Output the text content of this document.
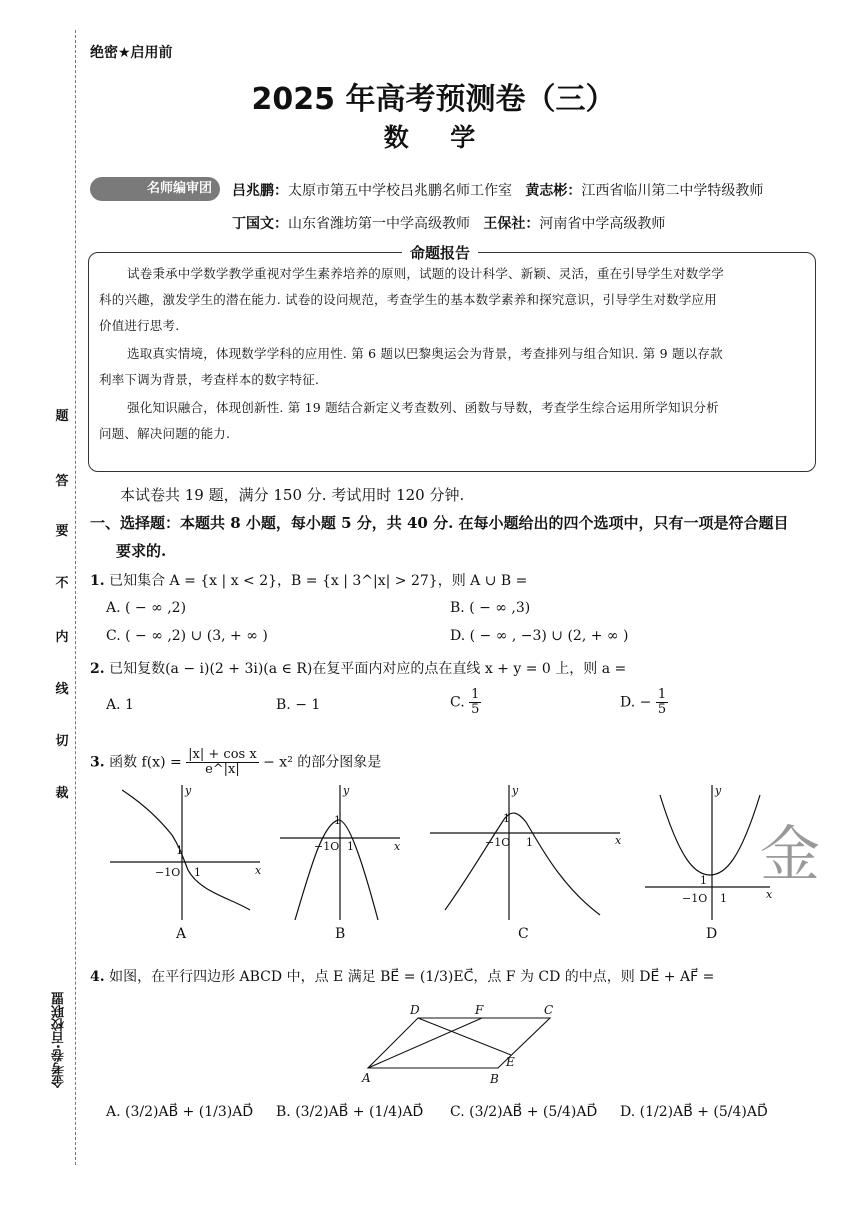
题
答
要
不
内
线
切
裁
金考卷·百校联盟
绝密★启用前
2025 年高考预测卷（三）
数  学
名师编审团	吕兆鹏：太原市第五中学校吕兆鹏名师工作室 黄志彬：江西省临川第二中学特级教师
丁国文：山东省潍坊第一中学高级教师 王保社：河南省中学高级教师
命题报告

试卷秉承中学数学教学重视对学生素养培养的原则，试题的设计科学、新颖、灵活，重在引导学生对数学学

科的兴趣，激发学生的潜在能力. 试卷的设问规范，考查学生的基本数学素养和探究意识，引导学生对数学应用

价值进行思考.

选取真实情境，体现数学学科的应用性. 第 6 题以巴黎奥运会为背景，考查排列与组合知识. 第 9 题以存款

利率下调为背景，考查样本的数字特征.

强化知识融合，体现创新性. 第 19 题结合新定义考查数列、函数与导数，考查学生综合运用所学知识分析

问题、解决问题的能力.

本试卷共 19 题，满分 150 分. 考试用时 120 分钟.
一、选择题：本题共 8 小题，每小题 5 分，共 40 分. 在每小题给出的四个选项中，只有一项是符合题目
要求的.
1. 已知集合 A = {x | x < 2}，B = {x | 3^|x| > 27}，则 A ∪ B =
A. ( − ∞ ,2)	B. ( − ∞ ,3)
C. ( − ∞ ,2) ∪ (3, + ∞ )	D. ( − ∞ , −3) ∪ (2, + ∞ )
2. 已知复数(a − i)(2 + 3i)(a ∈ R)在复平面内对应的点在直线 x + y = 0 上，则 a =
A. 1	B. − 1	C. $\frac{1}{5}$	D. − $\frac{1}{5}$
3. 函数 $f(x) = \frac{\text{|x| + cos x}}{e\^{}|x|} - x^2$ 的部分图象是
y
x
1
−1O 1
y
x
1
−1O 1
y
x
1
−1O 1
y
x
1
−1O 1
金
A	B	C	D
4. 如图，在平行四边形 ABCD 中，点 E 满足 BE⃗ = (1/3)EC⃗，点 F 为 CD 的中点，则 DE⃗ + AF⃗ =
A	B
C
D
E
F
A. (3/2)AB⃗ + (1/3)AD⃗ B. (3/2)AB⃗ + (1/4)AD⃗ C. (3/2)AB⃗ + (5/4)AD⃗ D. (1/2)AB⃗ + (5/4)AD⃗
